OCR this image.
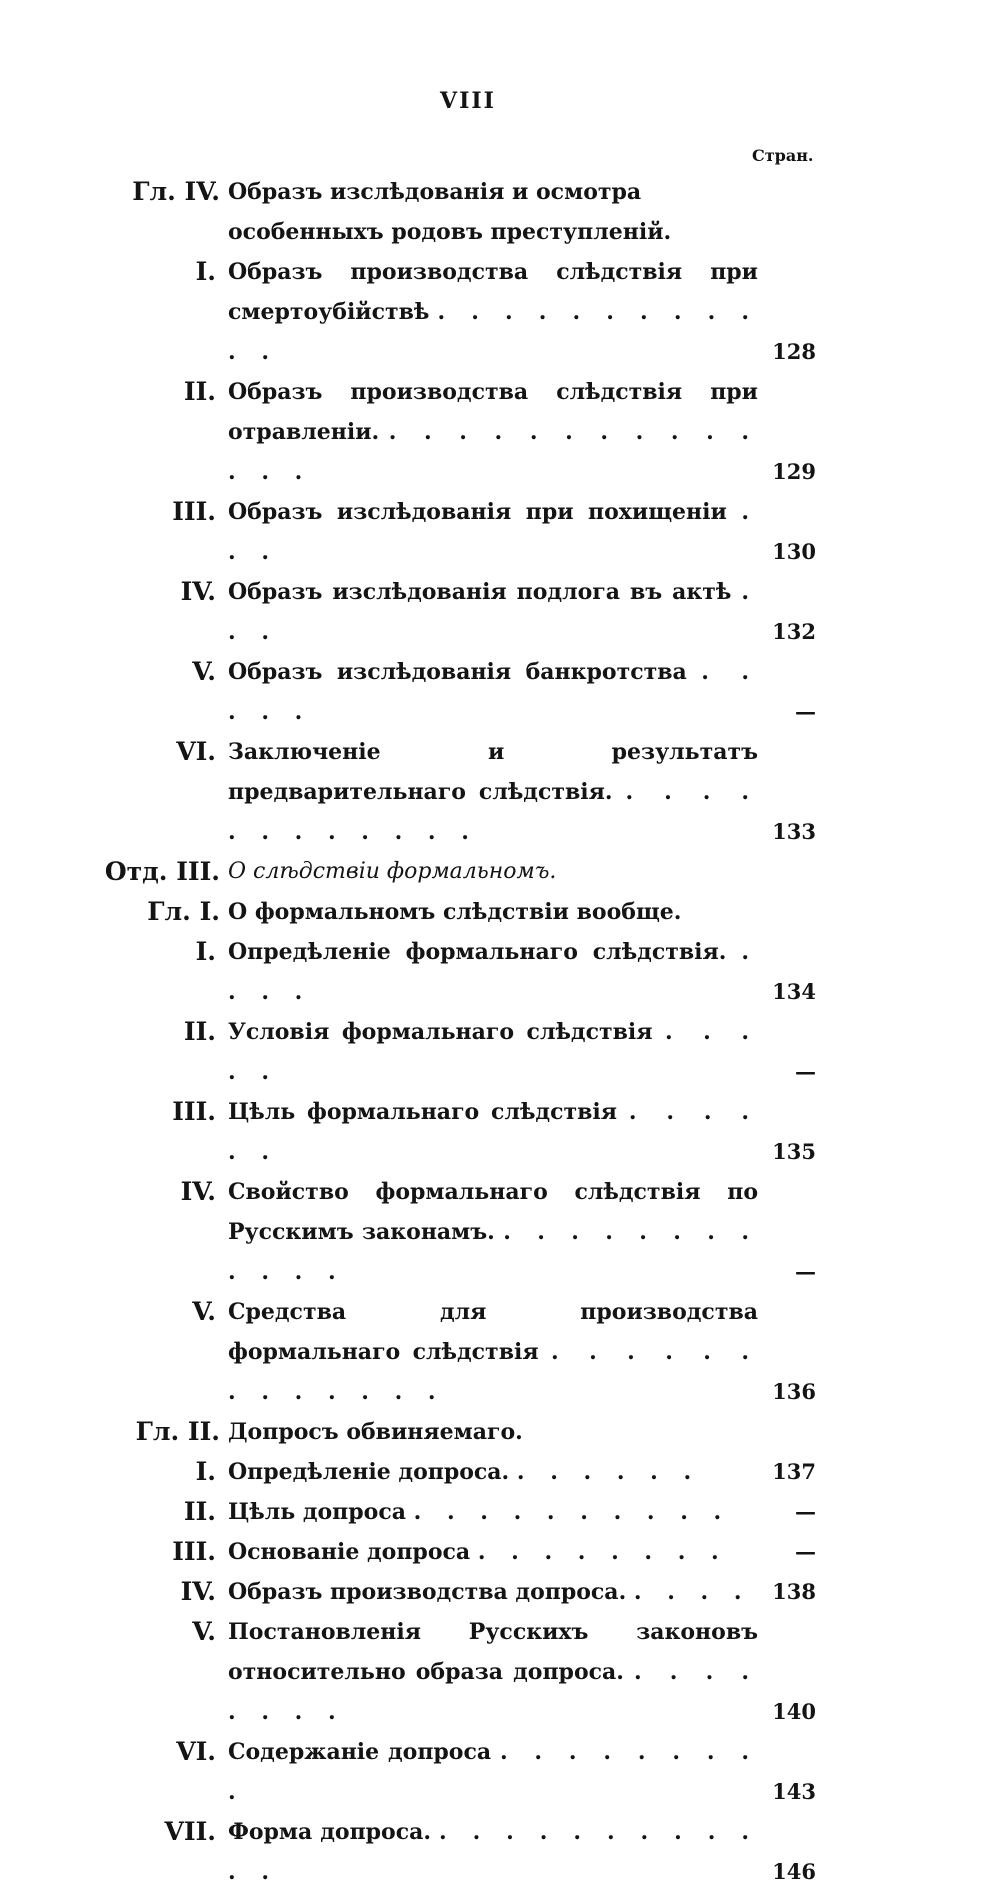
VIII
Стран.
Гл. IV. Образъ изслѣдованія и осмотра особенныхъ родовъ преступленій.
I. Образъ производства слѣдствія при смертоубійствѣ . . . . . . . . . . . .	128
II. Образъ производства слѣдствія при отравленіи. . . . . . . . . . . . . . .	129
III. Образъ изслѣдованія при похищеніи . . .	130
IV. Образъ изслѣдованія подлога въ актѣ . . .	132
V. Образъ изслѣдованія банкротства . . . . .	—
VI. Заключеніе и результатъ предварительнаго слѣдствія. . . . . . . . . . . . .	133
Отд. III. О слѣдствіи формальномъ.
Гл. I. О формальномъ слѣдствіи вообще.
I. Опредѣленіе формальнаго слѣдствія. . . . .	134
II. Условія формальнаго слѣдствія . . . . .	—
III. Цѣль формальнаго слѣдствія . . . . . .	135
IV. Свойство формальнаго слѣдствія по Русскимъ законамъ. . . . . . . . . . . . .	—
V. Средства для производства формальнаго слѣдствія . . . . . . . . . . . . .	136
Гл. II. Допросъ обвиняемаго.
I. Опредѣленіе допроса. . . . . . .	137
II. Цѣль допроса . . . . . . . . . .	—
III. Основаніе допроса . . . . . . . .	—
IV. Образъ производства допроса. . . . .	138
V. Постановленія Русскихъ законовъ относительно образа допроса. . . . . . . . .	140
VI. Содержаніе допроса . . . . . . . . .	143
VII. Форма допроса. . . . . . . . . . . . .	146
